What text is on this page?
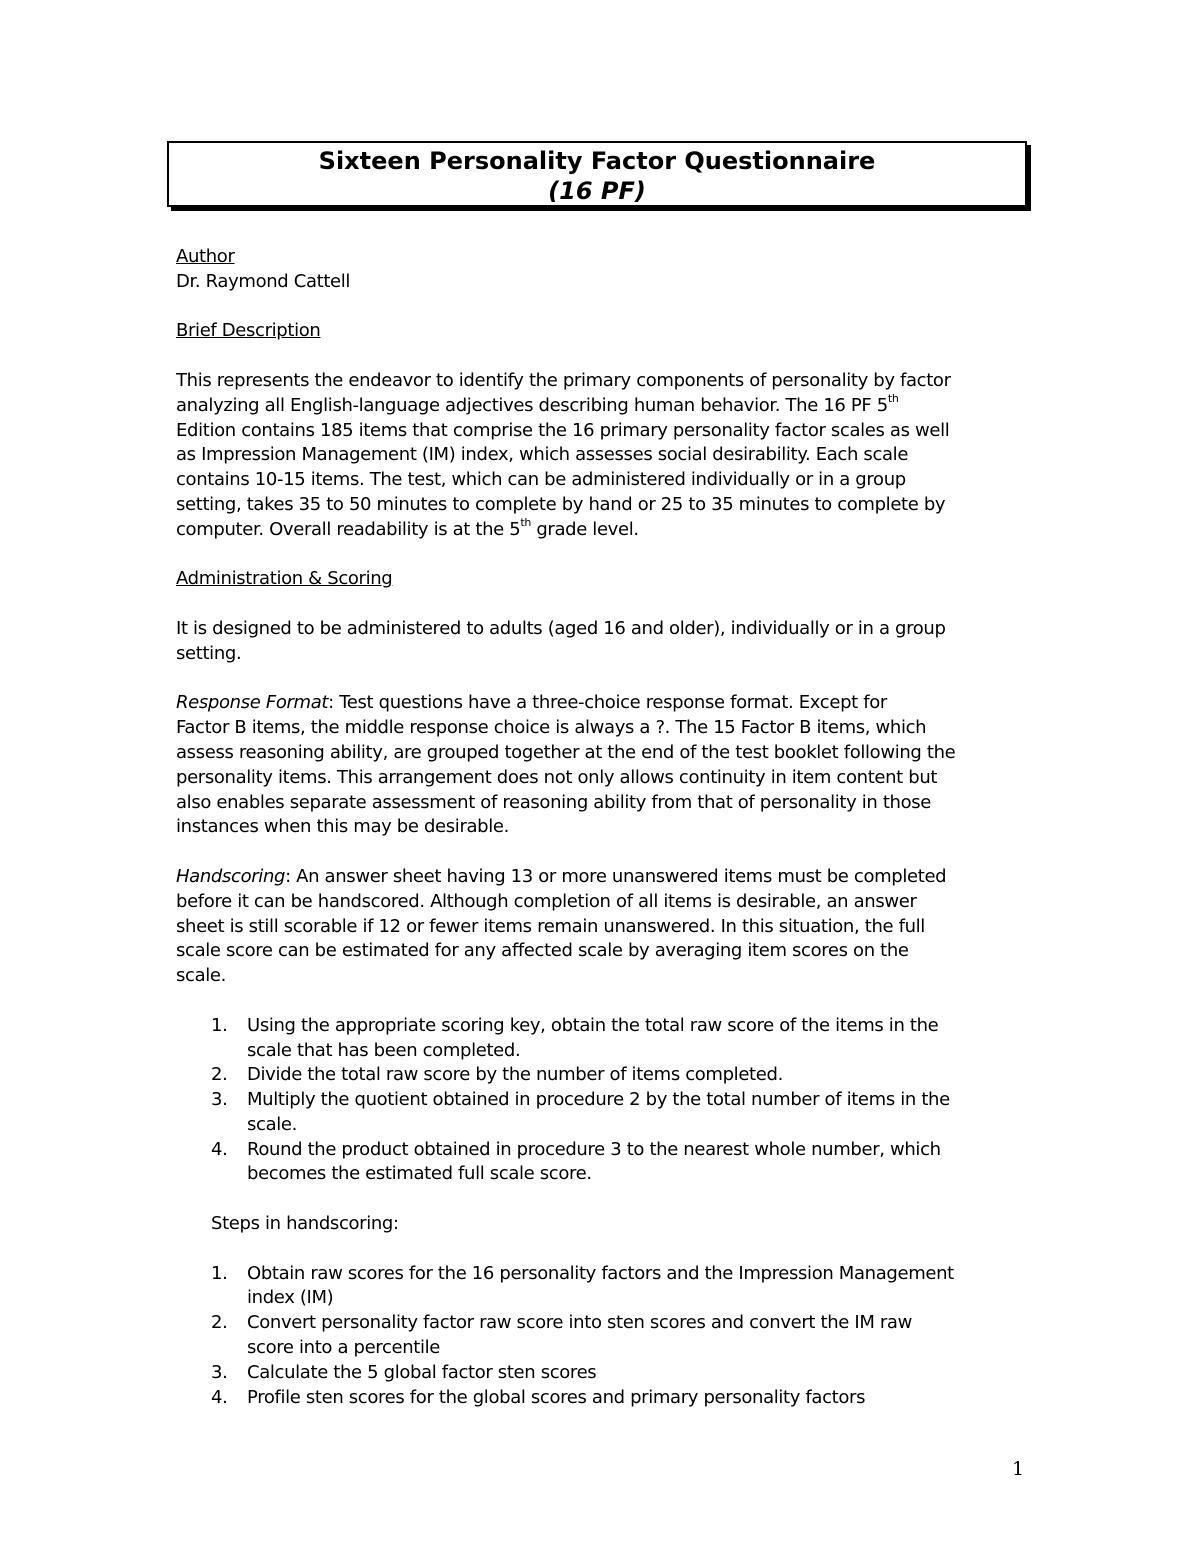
Sixteen Personality Factor Questionnaire
(16 PF)
Author
Dr. Raymond Cattell
Brief Description
This represents the endeavor to identify the primary components of personality by factor
analyzing all English-language adjectives describing human behavior. The 16 PF 5th
Edition contains 185 items that comprise the 16 primary personality factor scales as well
as Impression Management (IM) index, which assesses social desirability. Each scale
contains 10-15 items. The test, which can be administered individually or in a group
setting, takes 35 to 50 minutes to complete by hand or 25 to 35 minutes to complete by
computer. Overall readability is at the 5th grade level.
Administration & Scoring
It is designed to be administered to adults (aged 16 and older), individually or in a group
setting.
Response Format: Test questions have a three-choice response format. Except for
Factor B items, the middle response choice is always a ?. The 15 Factor B items, which
assess reasoning ability, are grouped together at the end of the test booklet following the
personality items. This arrangement does not only allows continuity in item content but
also enables separate assessment of reasoning ability from that of personality in those
instances when this may be desirable.
Handscoring: An answer sheet having 13 or more unanswered items must be completed
before it can be handscored. Although completion of all items is desirable, an answer
sheet is still scorable if 12 or fewer items remain unanswered. In this situation, the full
scale score can be estimated for any affected scale by averaging item scores on the
scale.
1. Using the appropriate scoring key, obtain the total raw score of the items in the
scale that has been completed.
2. Divide the total raw score by the number of items completed.
3. Multiply the quotient obtained in procedure 2 by the total number of items in the
scale.
4. Round the product obtained in procedure 3 to the nearest whole number, which
becomes the estimated full scale score.
Steps in handscoring:
1. Obtain raw scores for the 16 personality factors and the Impression Management
index (IM)
2. Convert personality factor raw score into sten scores and convert the IM raw
score into a percentile
3. Calculate the 5 global factor sten scores
4. Profile sten scores for the global scores and primary personality factors
1
